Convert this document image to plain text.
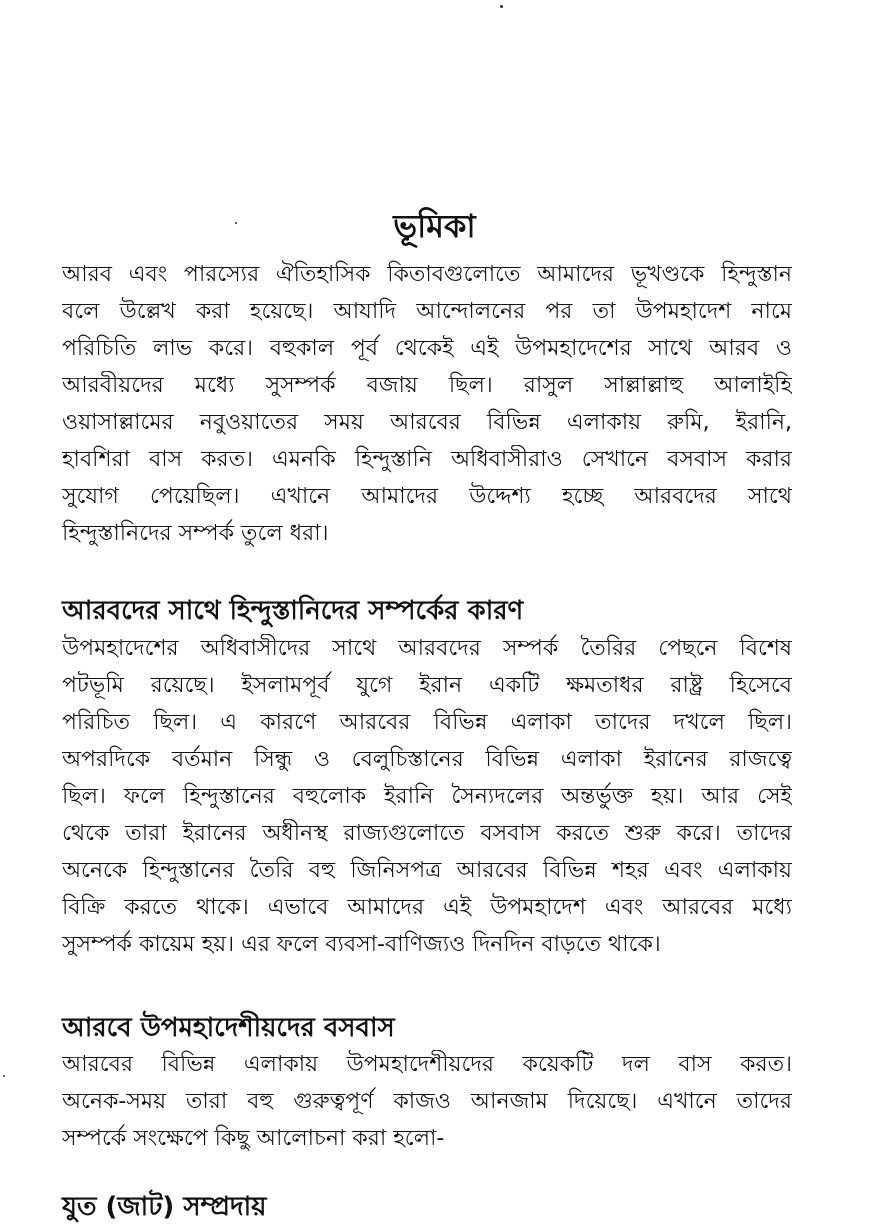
ভূমিকা
আরব এবং পারস্যের ঐতিহাসিক কিতাবগুলোতে আমাদের ভূখণ্ডকে হিন্দুস্তান
বলে উল্লেখ করা হয়েছে। আযাদি আন্দোলনের পর তা উপমহাদেশ নামে
পরিচিতি লাভ করে। বহুকাল পূর্ব থেকেই এই উপমহাদেশের সাথে আরব ও
আরবীয়দের মধ্যে সুসম্পর্ক বজায় ছিল। রাসুল সাল্লাল্লাহু আলাইহি
ওয়াসাল্লামের নবুওয়াতের সময় আরবের বিভিন্ন এলাকায় রুমি, ইরানি,
হাবশিরা বাস করত। এমনকি হিন্দুস্তানি অধিবাসীরাও সেখানে বসবাস করার
সুযোগ পেয়েছিল। এখানে আমাদের উদ্দেশ্য হচ্ছে আরবদের সাথে
হিন্দুস্তানিদের সম্পর্ক তুলে ধরা।
আরবদের সাথে হিন্দুস্তানিদের সম্পর্কের কারণ
উপমহাদেশের অধিবাসীদের সাথে আরবদের সম্পর্ক তৈরির পেছনে বিশেষ
পটভূমি রয়েছে। ইসলামপূর্ব যুগে ইরান একটি ক্ষমতাধর রাষ্ট্র হিসেবে
পরিচিত ছিল। এ কারণে আরবের বিভিন্ন এলাকা তাদের দখলে ছিল।
অপরদিকে বর্তমান সিন্ধু ও বেলুচিস্তানের বিভিন্ন এলাকা ইরানের রাজত্বে
ছিল। ফলে হিন্দুস্তানের বহুলোক ইরানি সৈন্যদলের অন্তর্ভুক্ত হয়। আর সেই
থেকে তারা ইরানের অধীনস্থ রাজ্যগুলোতে বসবাস করতে শুরু করে। তাদের
অনেকে হিন্দুস্তানের তৈরি বহু জিনিসপত্র আরবের বিভিন্ন শহর এবং এলাকায়
বিক্রি করতে থাকে। এভাবে আমাদের এই উপমহাদেশ এবং আরবের মধ্যে
সুসম্পর্ক কায়েম হয়। এর ফলে ব্যবসা-বাণিজ্যও দিনদিন বাড়তে থাকে।
আরবে উপমহাদেশীয়দের বসবাস
আরবের বিভিন্ন এলাকায় উপমহাদেশীয়দের কয়েকটি দল বাস করত।
অনেক-সময় তারা বহু গুরুত্বপূর্ণ কাজও আনজাম দিয়েছে। এখানে তাদের
সম্পর্কে সংক্ষেপে কিছু আলোচনা করা হলো-
যুত (জাট) সম্প্রদায়
